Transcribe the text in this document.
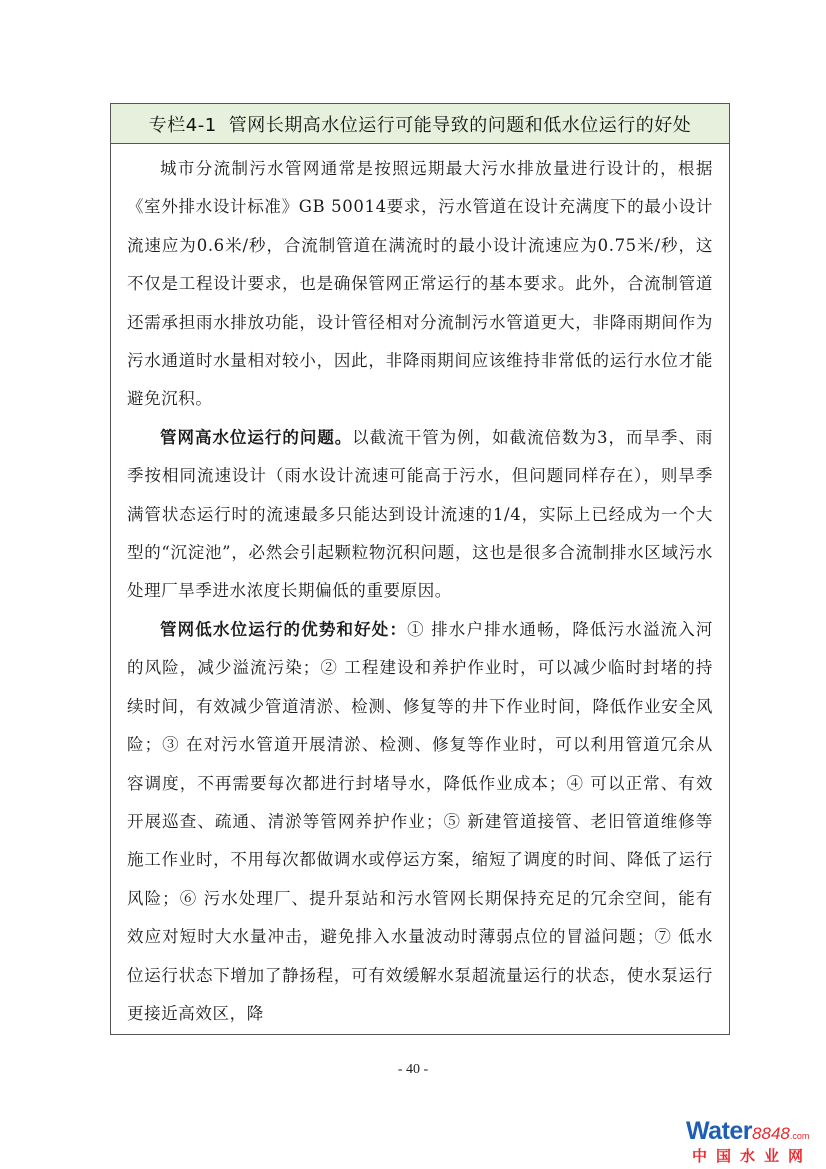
专栏4-1 管网长期高水位运行可能导致的问题和低水位运行的好处

城市分流制污水管网通常是按照远期最大污水排放量进行设计的，根据《室外排水设计标准》GB 50014要求，污水管道在设计充满度下的最小设计流速应为0.6米/秒，合流制管道在满流时的最小设计流速应为0.75米/秒，这不仅是工程设计要求，也是确保管网正常运行的基本要求。此外，合流制管道还需承担雨水排放功能，设计管径相对分流制污水管道更大，非降雨期间作为污水通道时水量相对较小，因此，非降雨期间应该维持非常低的运行水位才能避免沉积。

管网高水位运行的问题。以截流干管为例，如截流倍数为3，而旱季、雨季按相同流速设计（雨水设计流速可能高于污水，但问题同样存在），则旱季满管状态运行时的流速最多只能达到设计流速的1/4，实际上已经成为一个大型的“沉淀池”，必然会引起颗粒物沉积问题，这也是很多合流制排水区域污水处理厂旱季进水浓度长期偏低的重要原因。

管网低水位运行的优势和好处：① 排水户排水通畅，降低污水溢流入河的风险，减少溢流污染；② 工程建设和养护作业时，可以减少临时封堵的持续时间，有效减少管道清淤、检测、修复等的井下作业时间，降低作业安全风险；③ 在对污水管道开展清淤、检测、修复等作业时，可以利用管道冗余从容调度，不再需要每次都进行封堵导水，降低作业成本；④ 可以正常、有效开展巡查、疏通、清淤等管网养护作业；⑤ 新建管道接管、老旧管道维修等施工作业时，不用每次都做调水或停运方案，缩短了调度的时间、降低了运行风险；⑥ 污水处理厂、提升泵站和污水管网长期保持充足的冗余空间，能有效应对短时大水量冲击，避免排入水量波动时薄弱点位的冒溢问题；⑦ 低水位运行状态下增加了静扬程，可有效缓解水泵超流量运行的状态，使水泵运行更接近高效区，降

- 40 -
Water8848.com
中国水业网
